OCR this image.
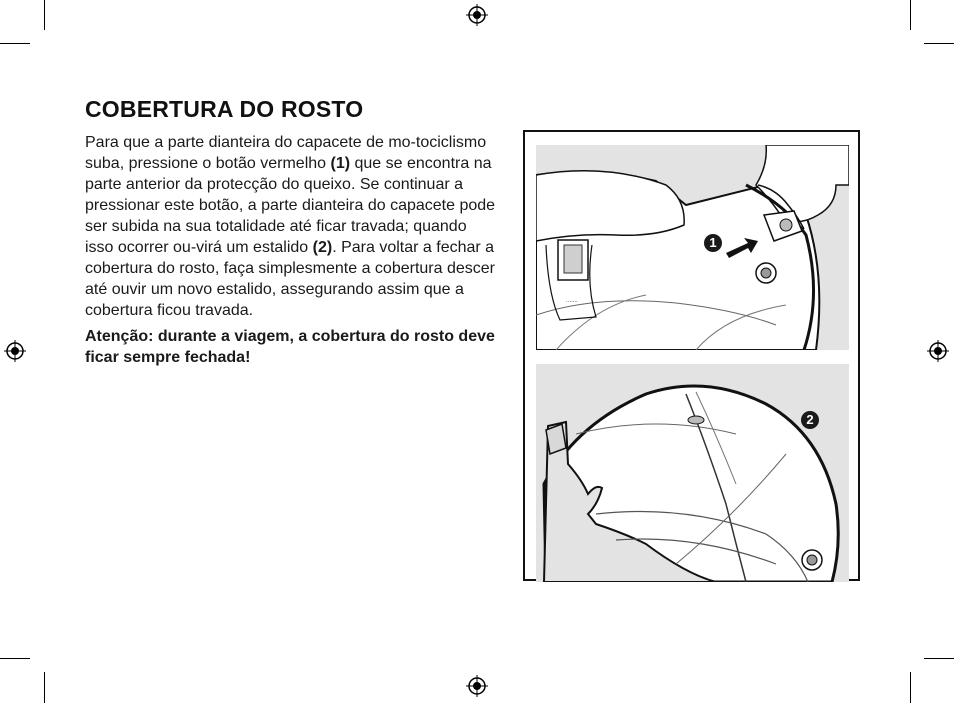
COBERTURA DO ROSTO

Para que a parte dianteira do capacete de mo-tociclismo suba, pressione o botão vermelho (1) que se encontra na parte anterior da protecção do queixo. Se continuar a pressionar este botão, a parte dianteira do capacete pode ser subida na sua totalidade até ficar travada; quando isso ocorrer ou-virá um estalido (2). Para voltar a fechar a cobertura do rosto, faça simplesmente a cobertura descer até ouvir um novo estalido, assegurando assim que a cobertura ficou travada.

Atenção: durante a viagem, a cobertura do rosto deve ficar sempre fechada!

.......
1
2
